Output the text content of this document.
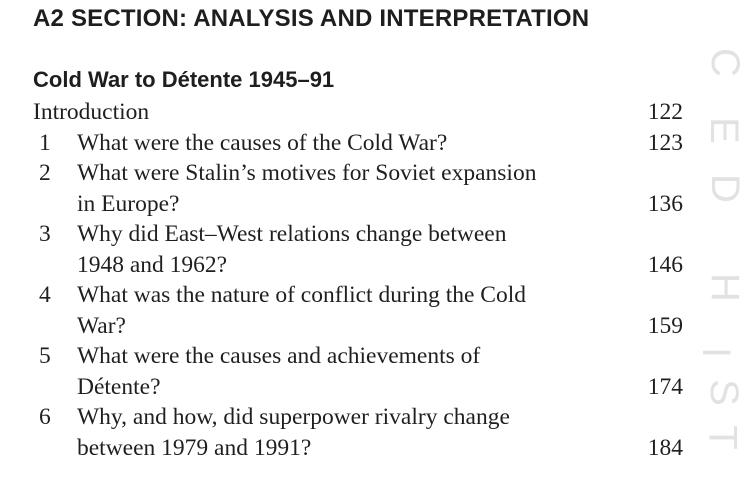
A2 SECTION: ANALYSIS AND INTERPRETATION
Cold War to Détente 1945–91
Introduction	122
1 What were the causes of the Cold War?	123
2 What were Stalin’s motives for Soviet expansion
in Europe?	136
3 Why did East–West relations change between
1948 and 1962?	146
4 What was the nature of conflict during the Cold
War?	159
5 What were the causes and achievements of
Détente?	174
6 Why, and how, did superpower rivalry change
between 1979 and 1991?	184
C
E
D
H
I
S
T
